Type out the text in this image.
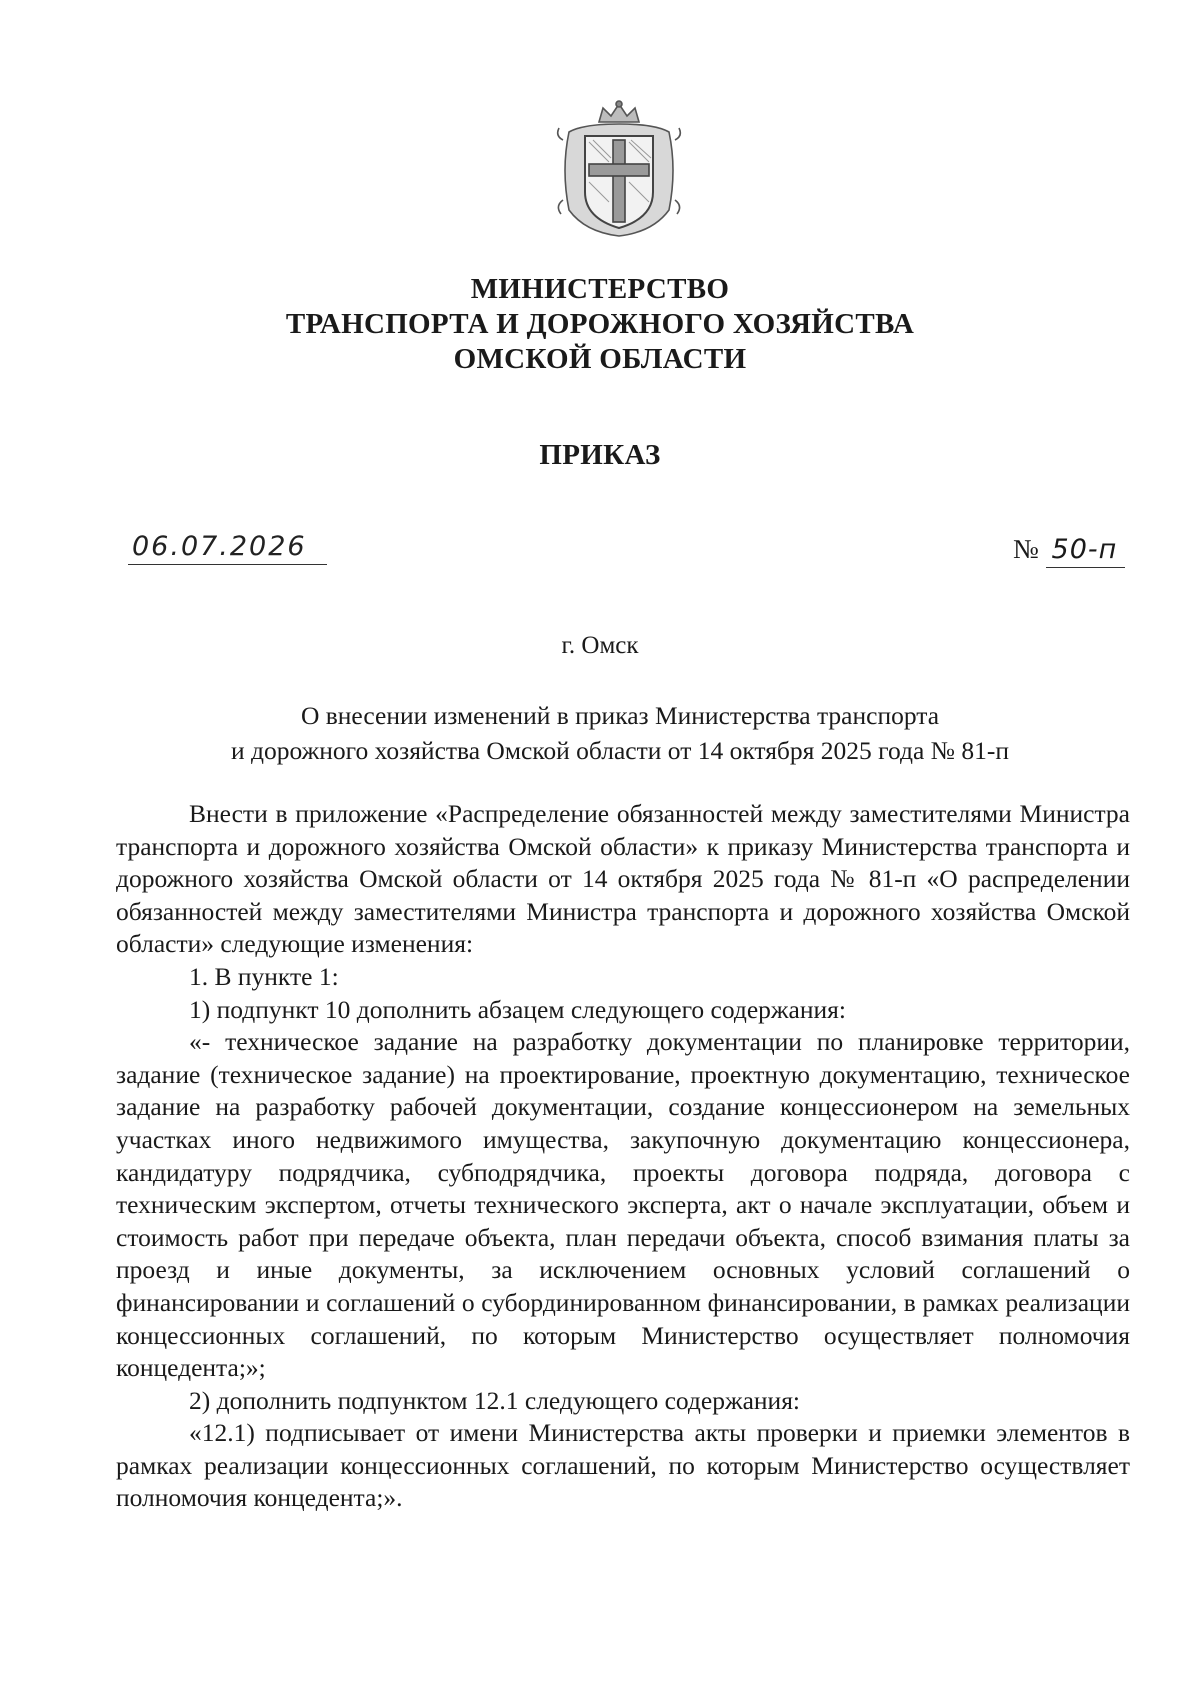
МИНИСТЕРСТВО
ТРАНСПОРТА И ДОРОЖНОГО ХОЗЯЙСТВА
ОМСКОЙ ОБЛАСТИ
ПРИКАЗ
06.07.2026	№ 50-п
г. Омск
О внесении изменений в приказ Министерства транспорта
и дорожного хозяйства Омской области от 14 октября 2025 года № 81-п

Внести в приложение «Распределение обязанностей между заместителями Министра транспорта и дорожного хозяйства Омской области» к приказу Министерства транспорта и дорожного хозяйства Омской области от 14 октября 2025 года № 81-п «О распределении обязанностей между заместителями Министра транспорта и дорожного хозяйства Омской области» следующие изменения:

1. В пункте 1:

1) подпункт 10 дополнить абзацем следующего содержания:

«- техническое задание на разработку документации по планировке территории, задание (техническое задание) на проектирование, проектную документацию, техническое задание на разработку рабочей документации, создание концессионером на земельных участках иного недвижимого имущества, закупочную документацию концессионера, кандидатуру подрядчика, субподрядчика, проекты договора подряда, договора с техническим экспертом, отчеты технического эксперта, акт о начале эксплуатации, объем и стоимость работ при передаче объекта, план передачи объекта, способ взимания платы за проезд и иные документы, за исключением основных условий соглашений о финансировании и соглашений о субординированном финансировании, в рамках реализации концессионных соглашений, по которым Министерство осуществляет полномочия концедента;»;

2) дополнить подпунктом 12.1 следующего содержания:

«12.1) подписывает от имени Министерства акты проверки и приемки элементов в рамках реализации концессионных соглашений, по которым Министерство осуществляет полномочия концедента;».
